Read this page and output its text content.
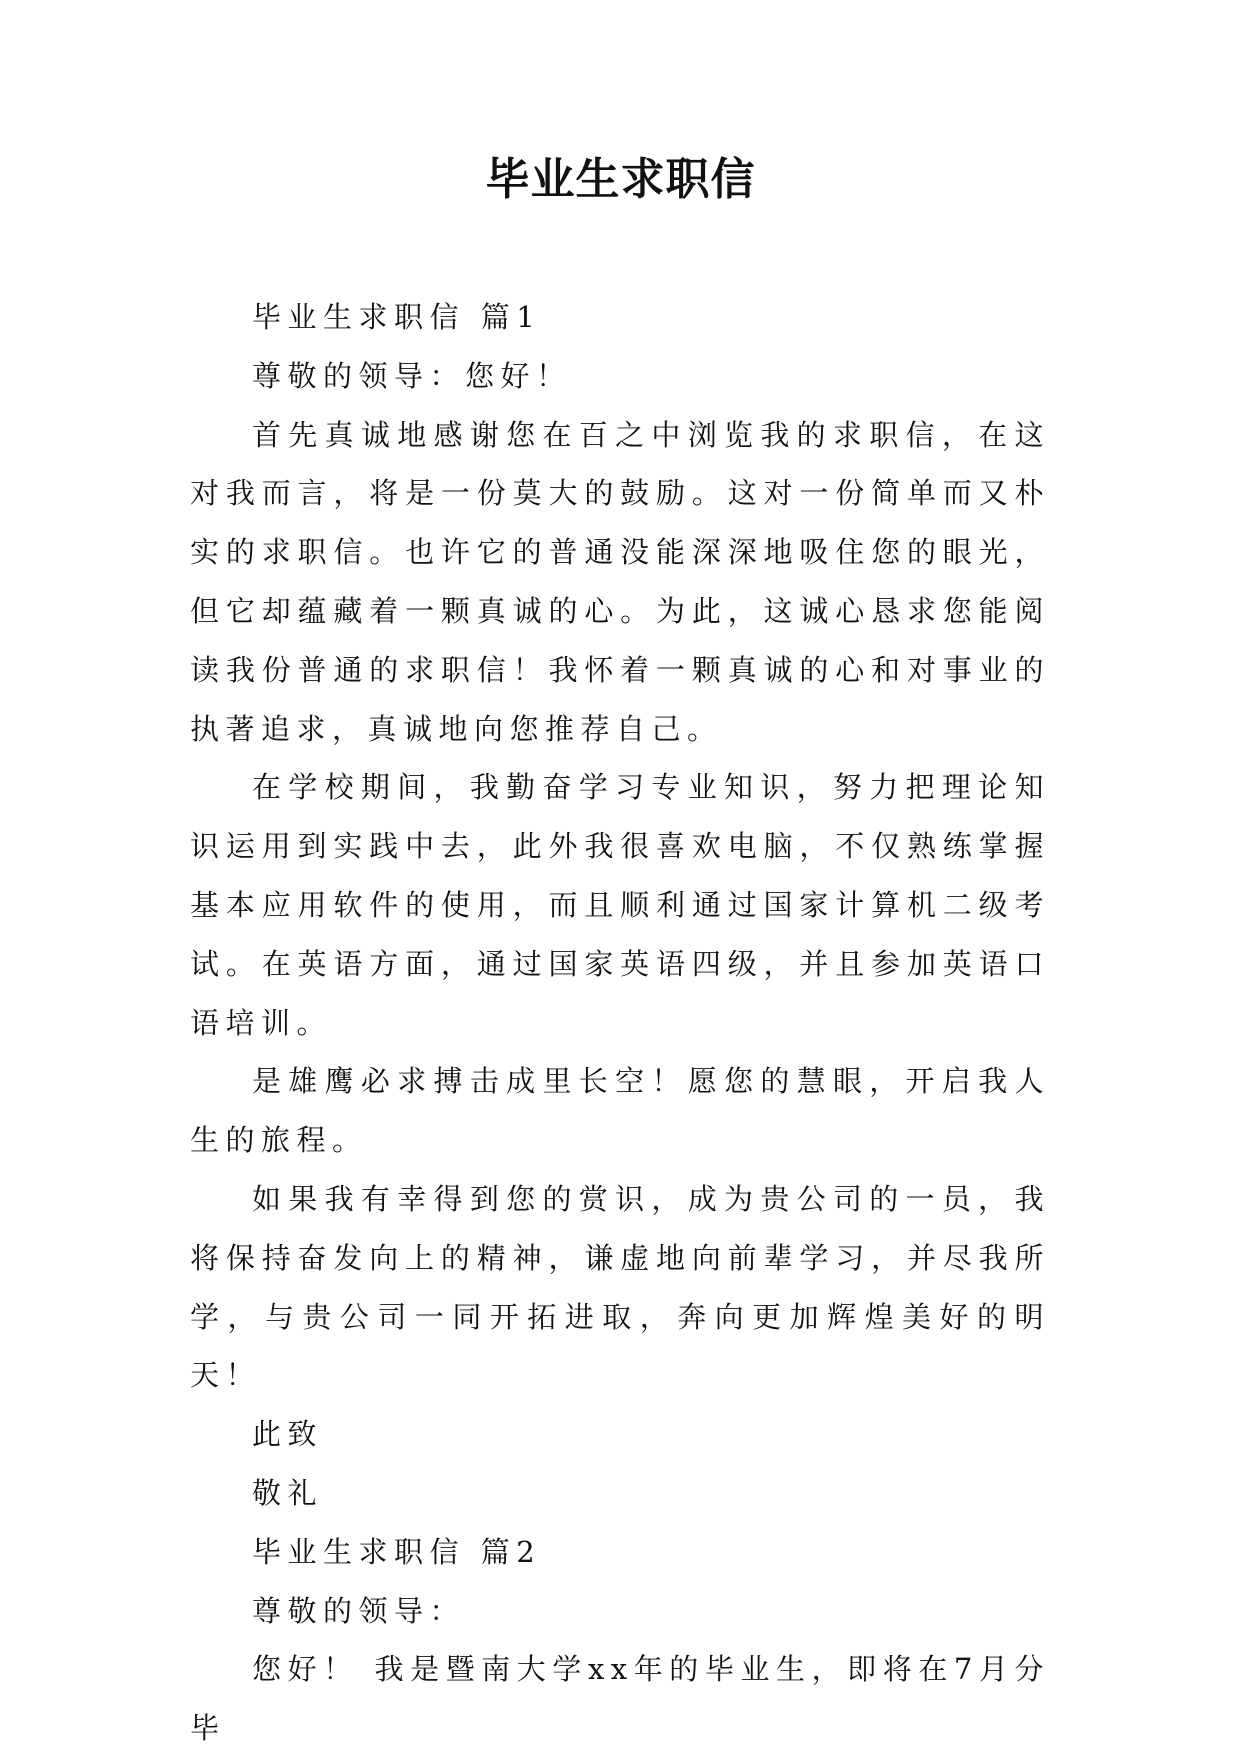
毕业生求职信

毕业生求职信 篇1

尊敬的领导：您好！

首先真诚地感谢您在百之中浏览我的求职信，在这对我而言，将是一份莫大的鼓励。这对一份简单而又朴实的求职信。也许它的普通没能深深地吸住您的眼光，但它却蕴藏着一颗真诚的心。为此，这诚心恳求您能阅读我份普通的求职信！我怀着一颗真诚的心和对事业的执著追求，真诚地向您推荐自己。

在学校期间，我勤奋学习专业知识，努力把理论知识运用到实践中去，此外我很喜欢电脑，不仅熟练掌握基本应用软件的使用，而且顺利通过国家计算机二级考试。在英语方面，通过国家英语四级，并且参加英语口语培训。

是雄鹰必求搏击成里长空！愿您的慧眼，开启我人生的旅程。

如果我有幸得到您的赏识，成为贵公司的一员，我将保持奋发向上的精神，谦虚地向前辈学习，并尽我所学，与贵公司一同开拓进取，奔向更加辉煌美好的明天！

此致

敬礼

毕业生求职信 篇2

尊敬的领导：

您好！ 我是暨南大学xx年的毕业生，即将在7月分毕
